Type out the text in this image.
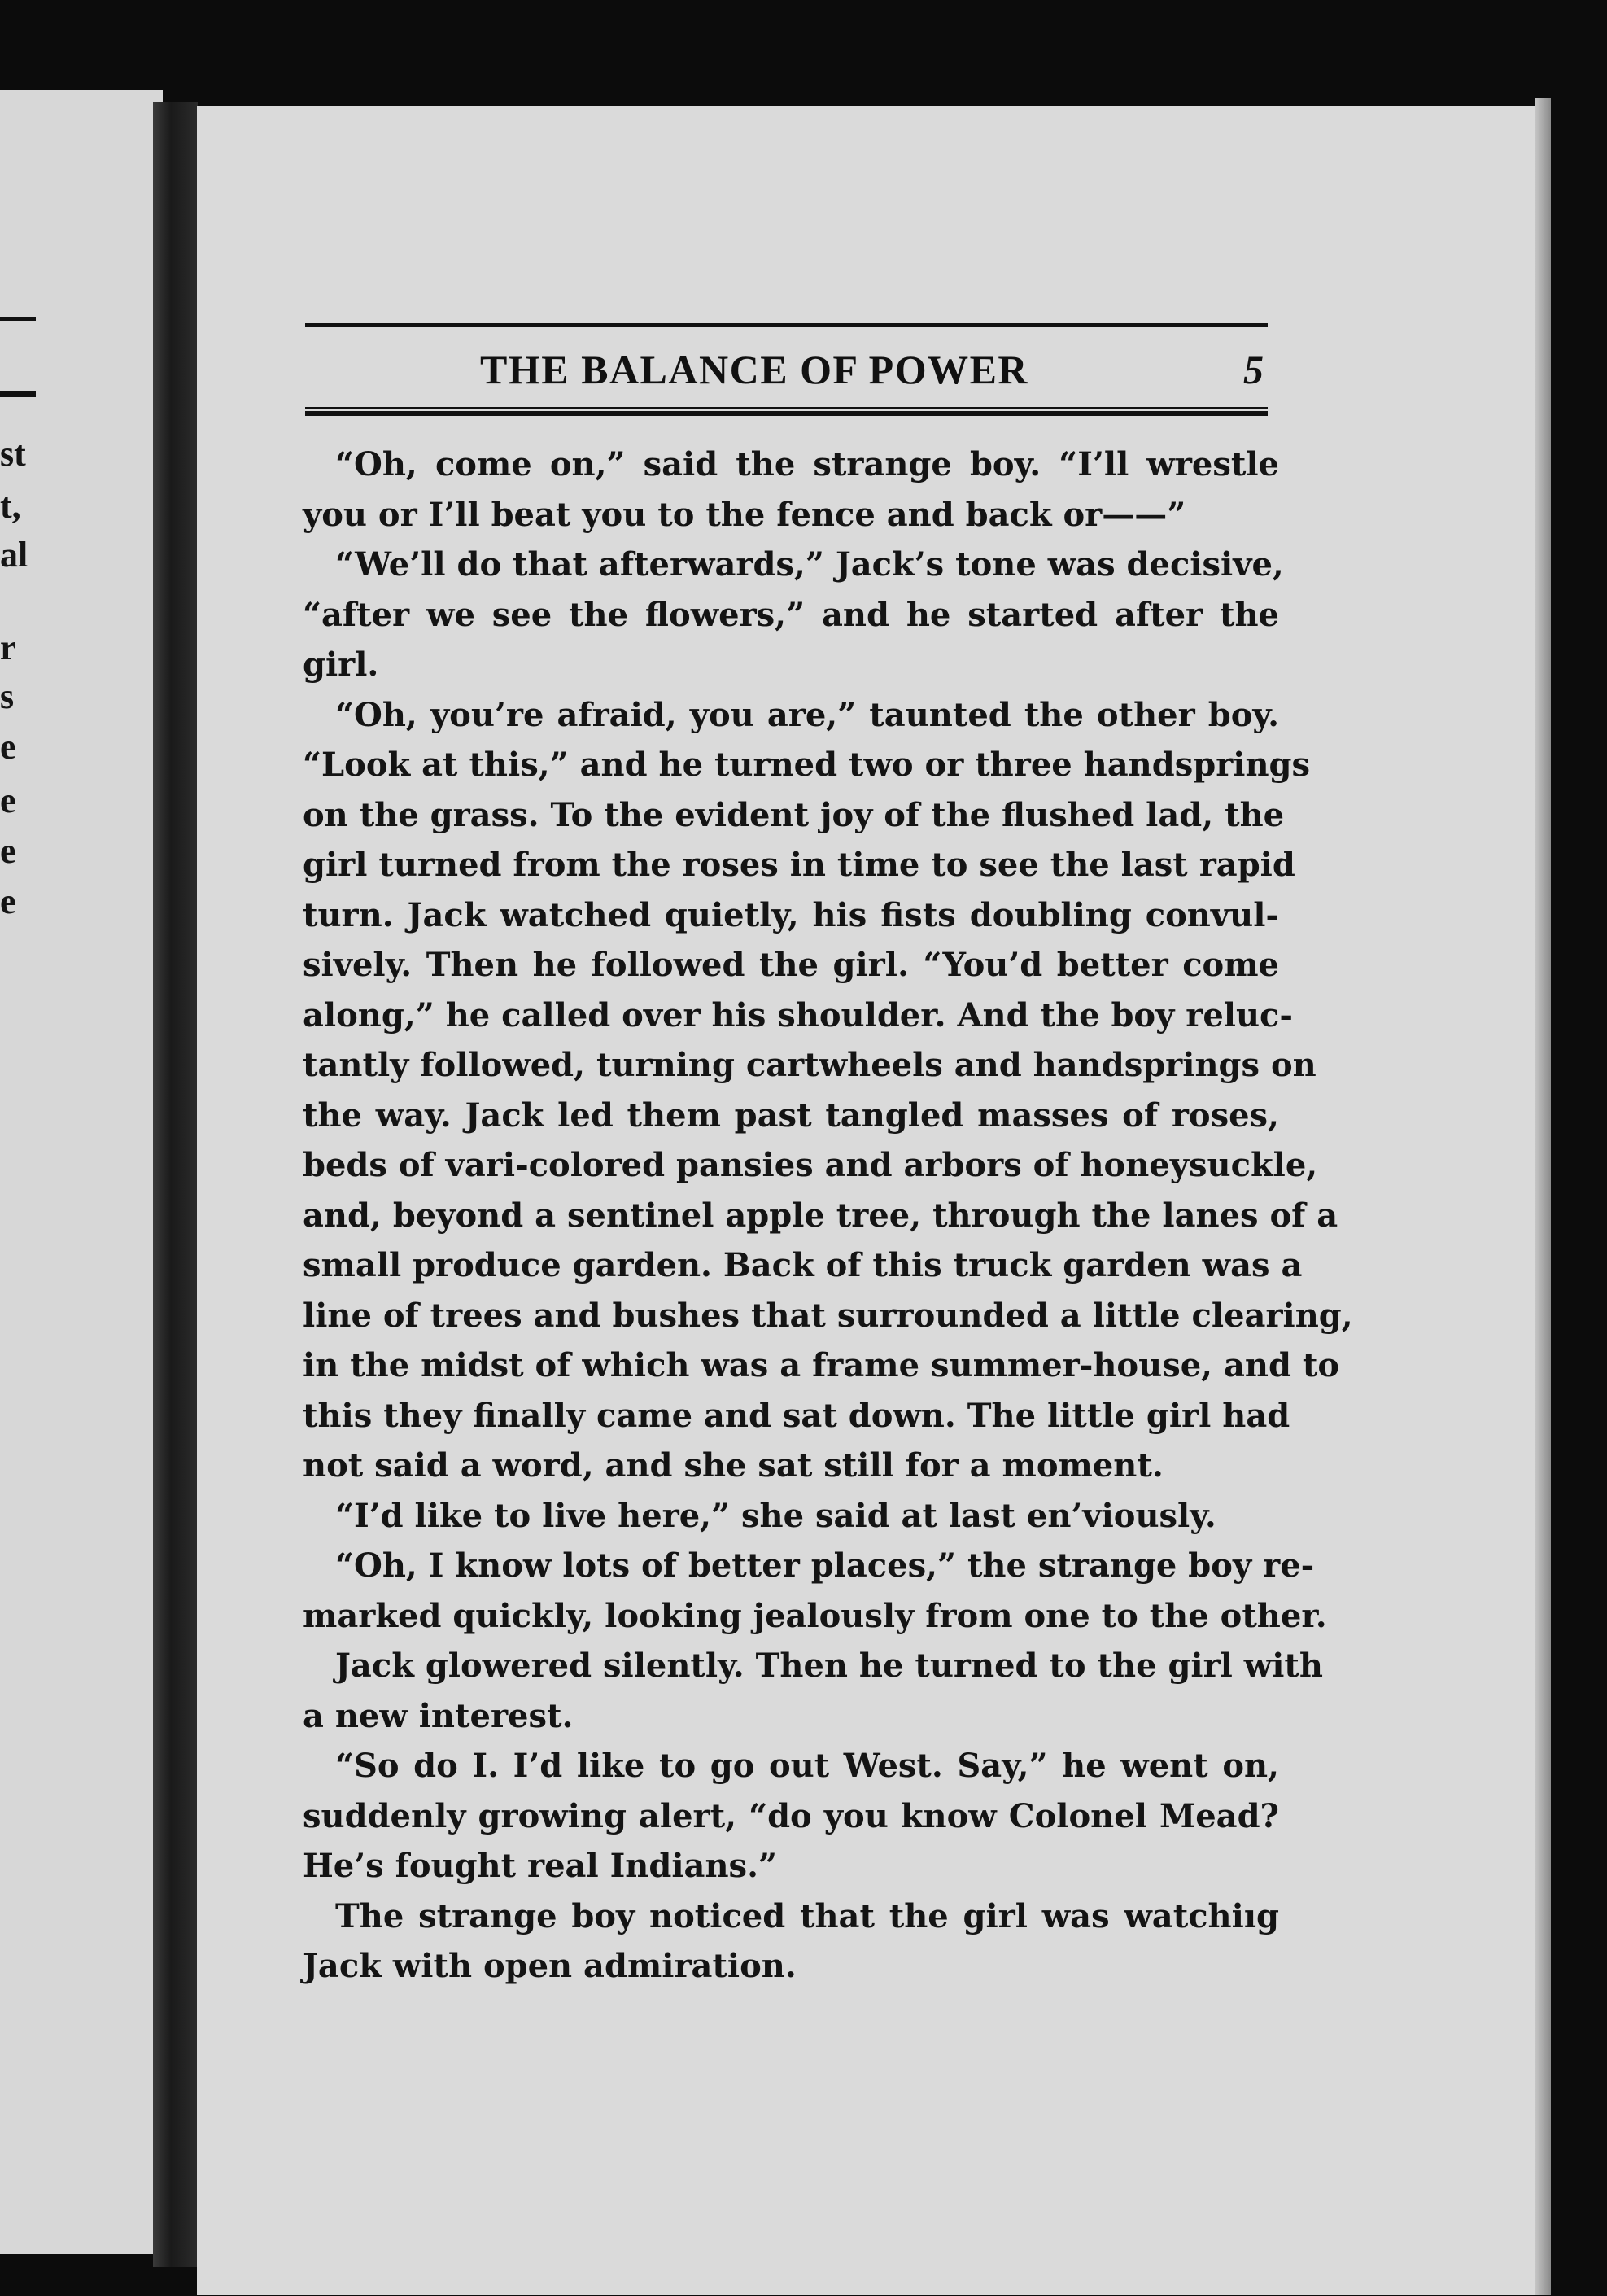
st
t,
al
r
s
e
e
e
e
THE BALANCE OF POWER	5
“Oh, come on,” said the strange boy. “I’ll wrestle
you or I’ll beat you to the fence and back or——”
“We’ll do that afterwards,” Jack’s tone was decisive,
“after we see the flowers,” and he started after the
girl.
“Oh, you’re afraid, you are,” taunted the other boy.
“Look at this,” and he turned two or three handsprings
on the grass. To the evident joy of the flushed lad, the
girl turned from the roses in time to see the last rapid
turn. Jack watched quietly, his fists doubling convul-
sively. Then he followed the girl. “You’d better come
along,” he called over his shoulder. And the boy reluc-
tantly followed, turning cartwheels and handsprings on
the way. Jack led them past tangled masses of roses,
beds of vari-colored pansies and arbors of honeysuckle,
and, beyond a sentinel apple tree, through the lanes of a
small produce garden. Back of this truck garden was a
line of trees and bushes that surrounded a little clearing,
in the midst of which was a frame summer-house, and to
this they finally came and sat down. The little girl had
not said a word, and she sat still for a moment.
“I’d like to live here,” she said at last en’viously.
“Oh, I know lots of better places,” the strange boy re-
marked quickly, looking jealously from one to the other.
Jack glowered silently. Then he turned to the girl with
a new interest.
“So do I. I’d like to go out West. Say,” he went on,
suddenly growing alert, “do you know Colonel Mead?
He’s fought real Indians.”
The strange boy noticed that the girl was watchiıg
Jack with open admiration.
